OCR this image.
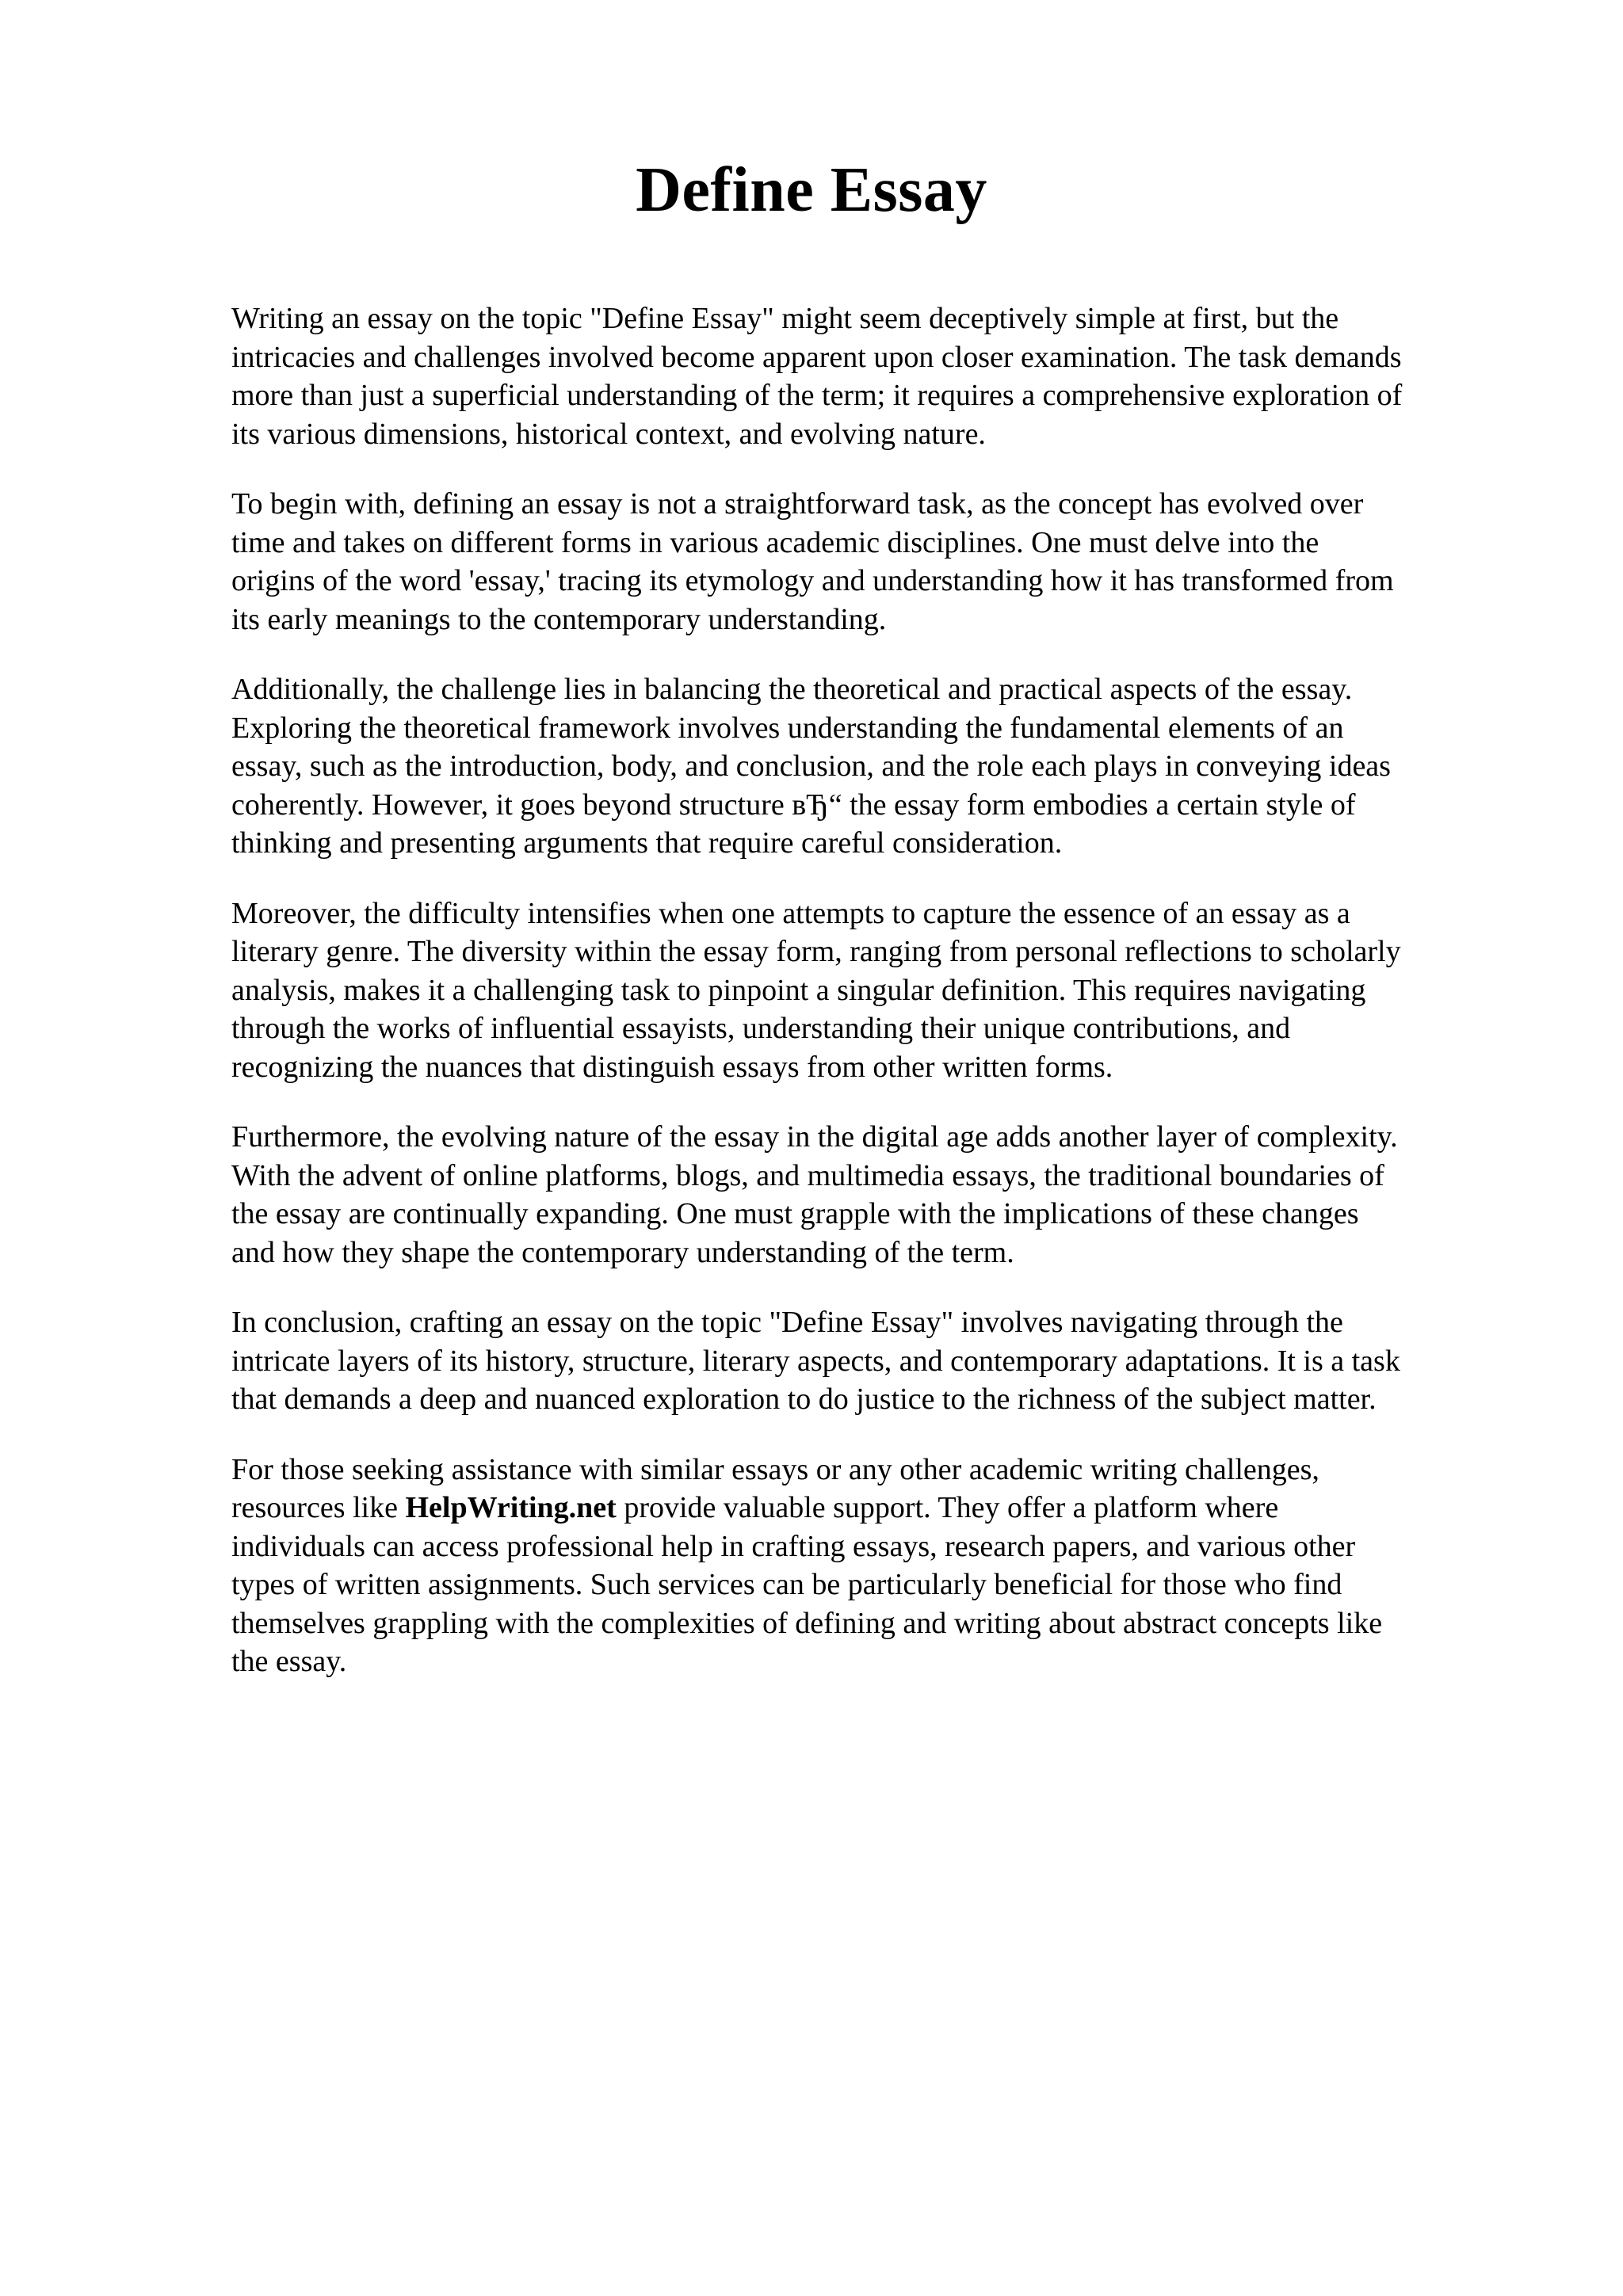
Define Essay

Writing an essay on the topic "Define Essay" might seem deceptively simple at first, but the
intricacies and challenges involved become apparent upon closer examination. The task demands
more than just a superficial understanding of the term; it requires a comprehensive exploration of
its various dimensions, historical context, and evolving nature.

To begin with, defining an essay is not a straightforward task, as the concept has evolved over
time and takes on different forms in various academic disciplines. One must delve into the
origins of the word 'essay,' tracing its etymology and understanding how it has transformed from
its early meanings to the contemporary understanding.

Additionally, the challenge lies in balancing the theoretical and practical aspects of the essay.
Exploring the theoretical framework involves understanding the fundamental elements of an
essay, such as the introduction, body, and conclusion, and the role each plays in conveying ideas
coherently. However, it goes beyond structure вЂ“ the essay form embodies a certain style of
thinking and presenting arguments that require careful consideration.

Moreover, the difficulty intensifies when one attempts to capture the essence of an essay as a
literary genre. The diversity within the essay form, ranging from personal reflections to scholarly
analysis, makes it a challenging task to pinpoint a singular definition. This requires navigating
through the works of influential essayists, understanding their unique contributions, and
recognizing the nuances that distinguish essays from other written forms.

Furthermore, the evolving nature of the essay in the digital age adds another layer of complexity.
With the advent of online platforms, blogs, and multimedia essays, the traditional boundaries of
the essay are continually expanding. One must grapple with the implications of these changes
and how they shape the contemporary understanding of the term.

In conclusion, crafting an essay on the topic "Define Essay" involves navigating through the
intricate layers of its history, structure, literary aspects, and contemporary adaptations. It is a task
that demands a deep and nuanced exploration to do justice to the richness of the subject matter.

For those seeking assistance with similar essays or any other academic writing challenges,
resources like HelpWriting.net provide valuable support. They offer a platform where
individuals can access professional help in crafting essays, research papers, and various other
types of written assignments. Such services can be particularly beneficial for those who find
themselves grappling with the complexities of defining and writing about abstract concepts like
the essay.
